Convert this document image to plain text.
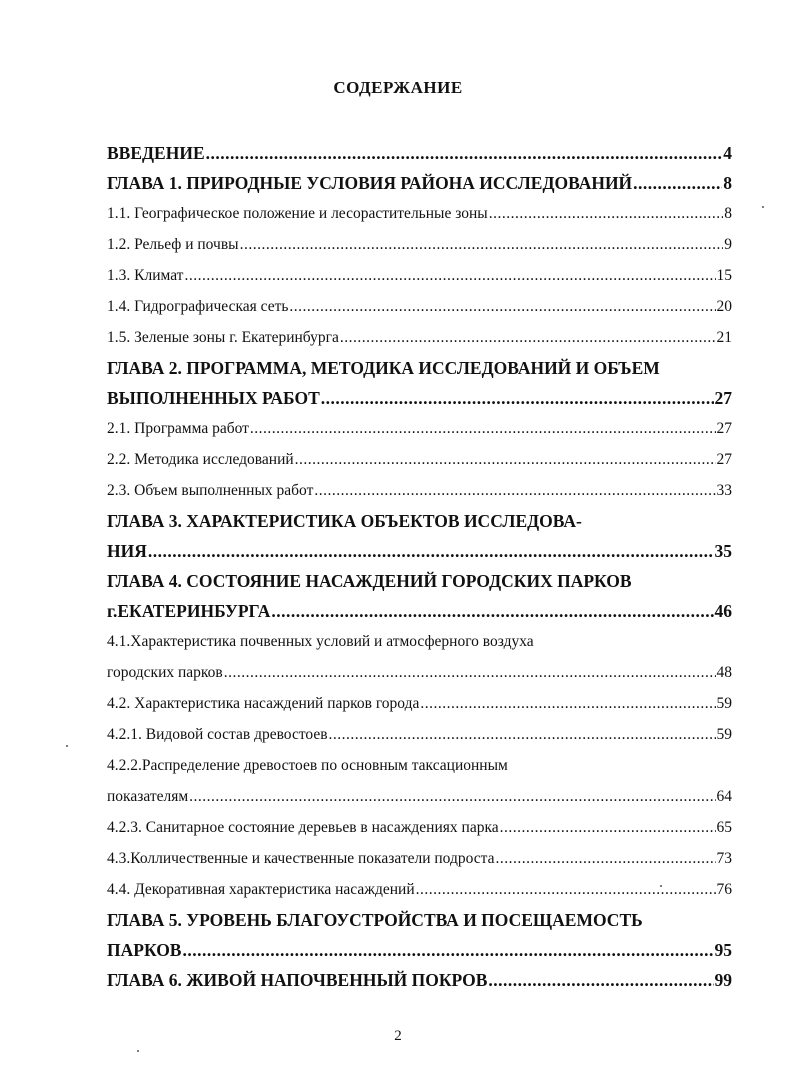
СОДЕРЖАНИЕ
ВВЕДЕНИЕ .....	4
ГЛАВА 1. ПРИРОДНЫЕ УСЛОВИЯ РАЙОНА ИССЛЕДОВАНИЙ .....	8
1.1. Географическое положение и лесорастительные зоны .....	8
1.2. Рельеф и почвы .....	9
1.3. Климат .....	15
1.4. Гидрографическая сеть .....	20
1.5. Зеленые зоны г. Екатеринбурга .....	21
ГЛАВА 2. ПРОГРАММА, МЕТОДИКА ИССЛЕДОВАНИЙ И ОБЪЕМ
ВЫПОЛНЕННЫХ РАБОТ .....	27
2.1. Программа работ .....	27
2.2. Методика исследований .....	27
2.3. Объем выполненных работ .....	33
ГЛАВА 3. ХАРАКТЕРИСТИКА ОБЪЕКТОВ ИССЛЕДОВА-
НИЯ .....	35
ГЛАВА 4. СОСТОЯНИЕ НАСАЖДЕНИЙ ГОРОДСКИХ ПАРКОВ
г.ЕКАТЕРИНБУРГА .....	46
4.1.Характеристика почвенных условий и атмосферного воздуха
городских парков .....	48
4.2. Характеристика насаждений парков города .....	59
4.2.1. Видовой состав древостоев .....	59
4.2.2.Распределение древостоев по основным таксационным
показателям .....	64
4.2.3. Санитарное состояние деревьев в насаждениях парка .....	65
4.3.Колличественные и качественные показатели подроста .....	73
4.4. Декоративная характеристика насаждений .....	76
ГЛАВА 5. УРОВЕНЬ БЛАГОУСТРОЙСТВА И ПОСЕЩАЕМОСТЬ
ПАРКОВ .....	95
ГЛАВА 6. ЖИВОЙ НАПОЧВЕННЫЙ ПОКРОВ .....	99
2
